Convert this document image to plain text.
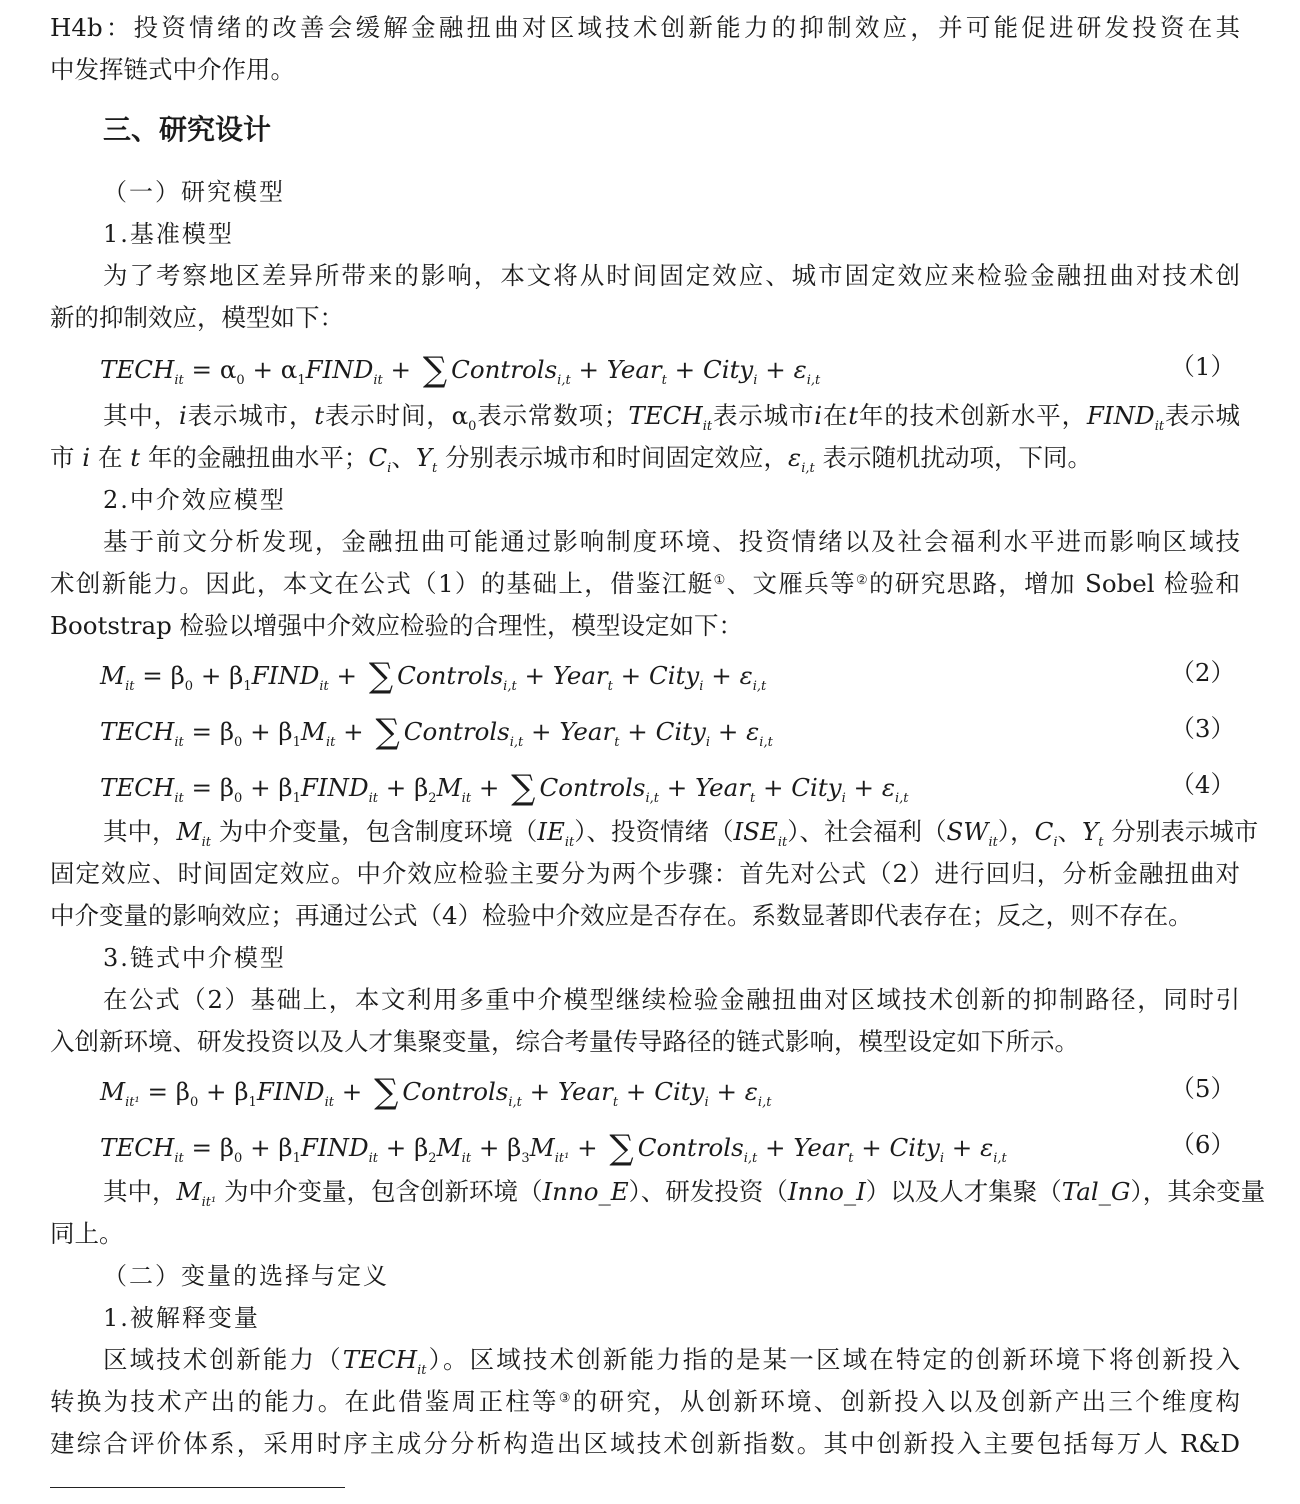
H4b：投资情绪的改善会缓解金融扭曲对区域技术创新能力的抑制效应，并可能促进研发投资在其
中发挥链式中介作用。
三、研究设计
（一）研究模型
1.基准模型
为了考察地区差异所带来的影响，本文将从时间固定效应、城市固定效应来检验金融扭曲对技术创
新的抑制效应，模型如下：
$TECH_{it} = \alpha_0$ + $\alpha_1FIND_{it}$ + ∑ Controls$_{i,t}$ + Year$_t$ + City$_i$ + $\varepsilon_{i,t}$	（1）
其中，i表示城市，t表示时间，$\alpha_0$表示常数项；$TECH_{it}$表示城市i在t年的技术创新水平，$FIND_{it}$表示城
市 i 在 t 年的金融扭曲水平；$C_i$、$Y_t$ 分别表示城市和时间固定效应，$\varepsilon_{i,t}$ 表示随机扰动项，下同。
2.中介效应模型
基于前文分析发现，金融扭曲可能通过影响制度环境、投资情绪以及社会福利水平进而影响区域技
术创新能力。因此，本文在公式（1）的基础上，借鉴江艇①、文雁兵等②的研究思路，增加 Sobel 检验和
Bootstrap 检验以增强中介效应检验的合理性，模型设定如下：
$M_{it} = \beta_0$ + $\beta_1FIND_{it}$ + ∑ Controls$_{i,t}$ + Year$_t$ + City$_i$ + $\varepsilon_{i,t}$	（2）
$TECH_{it} = \beta_0 + \beta_1M_{it}$ + ∑ Controls$_{i,t}$ + Year$_t$ + City$_i$ + $\varepsilon_{i,t}$	（3）
$TECH_{it} = \beta_0$ + $\beta_1FIND_{it} + \beta_2M_{it}$ + ∑ Controls$_{i,t}$ + Year$_t$ + City$_i$ + $\varepsilon_{i,t}$	（4）
其中，$M_{it}$ 为中介变量，包含制度环境$(IE_{it})$、投资情绪$(ISE_{it})$、社会福利$(SW_{it})$，$C_i$、$Y_t$ 分别表示城市
固定效应、时间固定效应。中介效应检验主要分为两个步骤：首先对公式（2）进行回归，分析金融扭曲对
中介变量的影响效应；再通过公式（4）检验中介效应是否存在。系数显著即代表存在；反之，则不存在。
3.链式中介模型
在公式（2）基础上，本文利用多重中介模型继续检验金融扭曲对区域技术创新的抑制路径，同时引
入创新环境、研发投资以及人才集聚变量，综合考量传导路径的链式影响，模型设定如下所示。
$M_{it^1} = \beta_0$ + $\beta_1FIND_{it}$ + ∑ Controls$_{i,t}$ + Year$_t$ + City$_i$ + $\varepsilon_{i,t}$	（5）
$TECH_{it} = \beta_0$ + $\beta_1FIND_{it} + \beta_2M_{it} + \beta_3M_{it^1}$ + ∑ Controls$_{i,t}$ + Year$_t$ + City$_i$ + $\varepsilon_{i,t}$	（6）
其中，$M_{it^1}$ 为中介变量，包含创新环境（Inno_E）、研发投资（Inno_I）以及人才集聚（Tal_G），其余变量
同上。
（二）变量的选择与定义
1.被解释变量
区域技术创新能力$(TECH_{it})$。区域技术创新能力指的是某一区域在特定的创新环境下将创新投入
转换为技术产出的能力。在此借鉴周正柱等③的研究，从创新环境、创新投入以及创新产出三个维度构
建综合评价体系，采用时序主成分分析构造出区域技术创新指数。其中创新投入主要包括每万人 R&D
